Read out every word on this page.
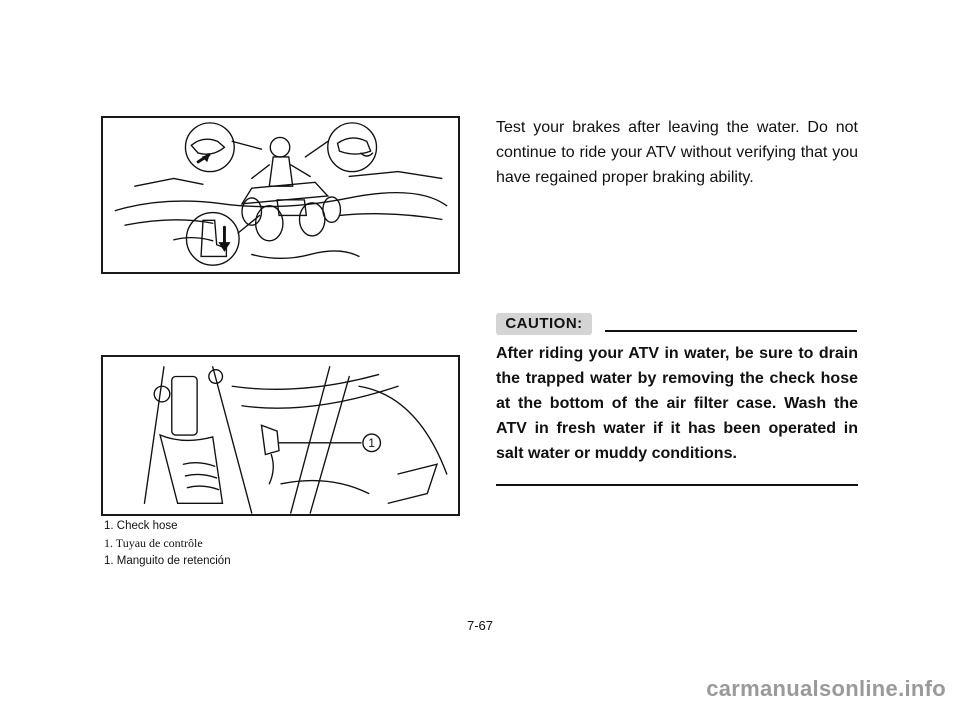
1
1. Check hose
1. Tuyau de contrôle
1. Manguito de retención

Test your brakes after leaving the water. Do not continue to ride your ATV without verifying that you have regained proper braking ability.

CAUTION:

After riding your ATV in water, be sure to drain the trapped water by removing the check hose at the bottom of the air filter case. Wash the ATV in fresh water if it has been operated in salt water or muddy conditions.

7-67
carmanualsonline.info
